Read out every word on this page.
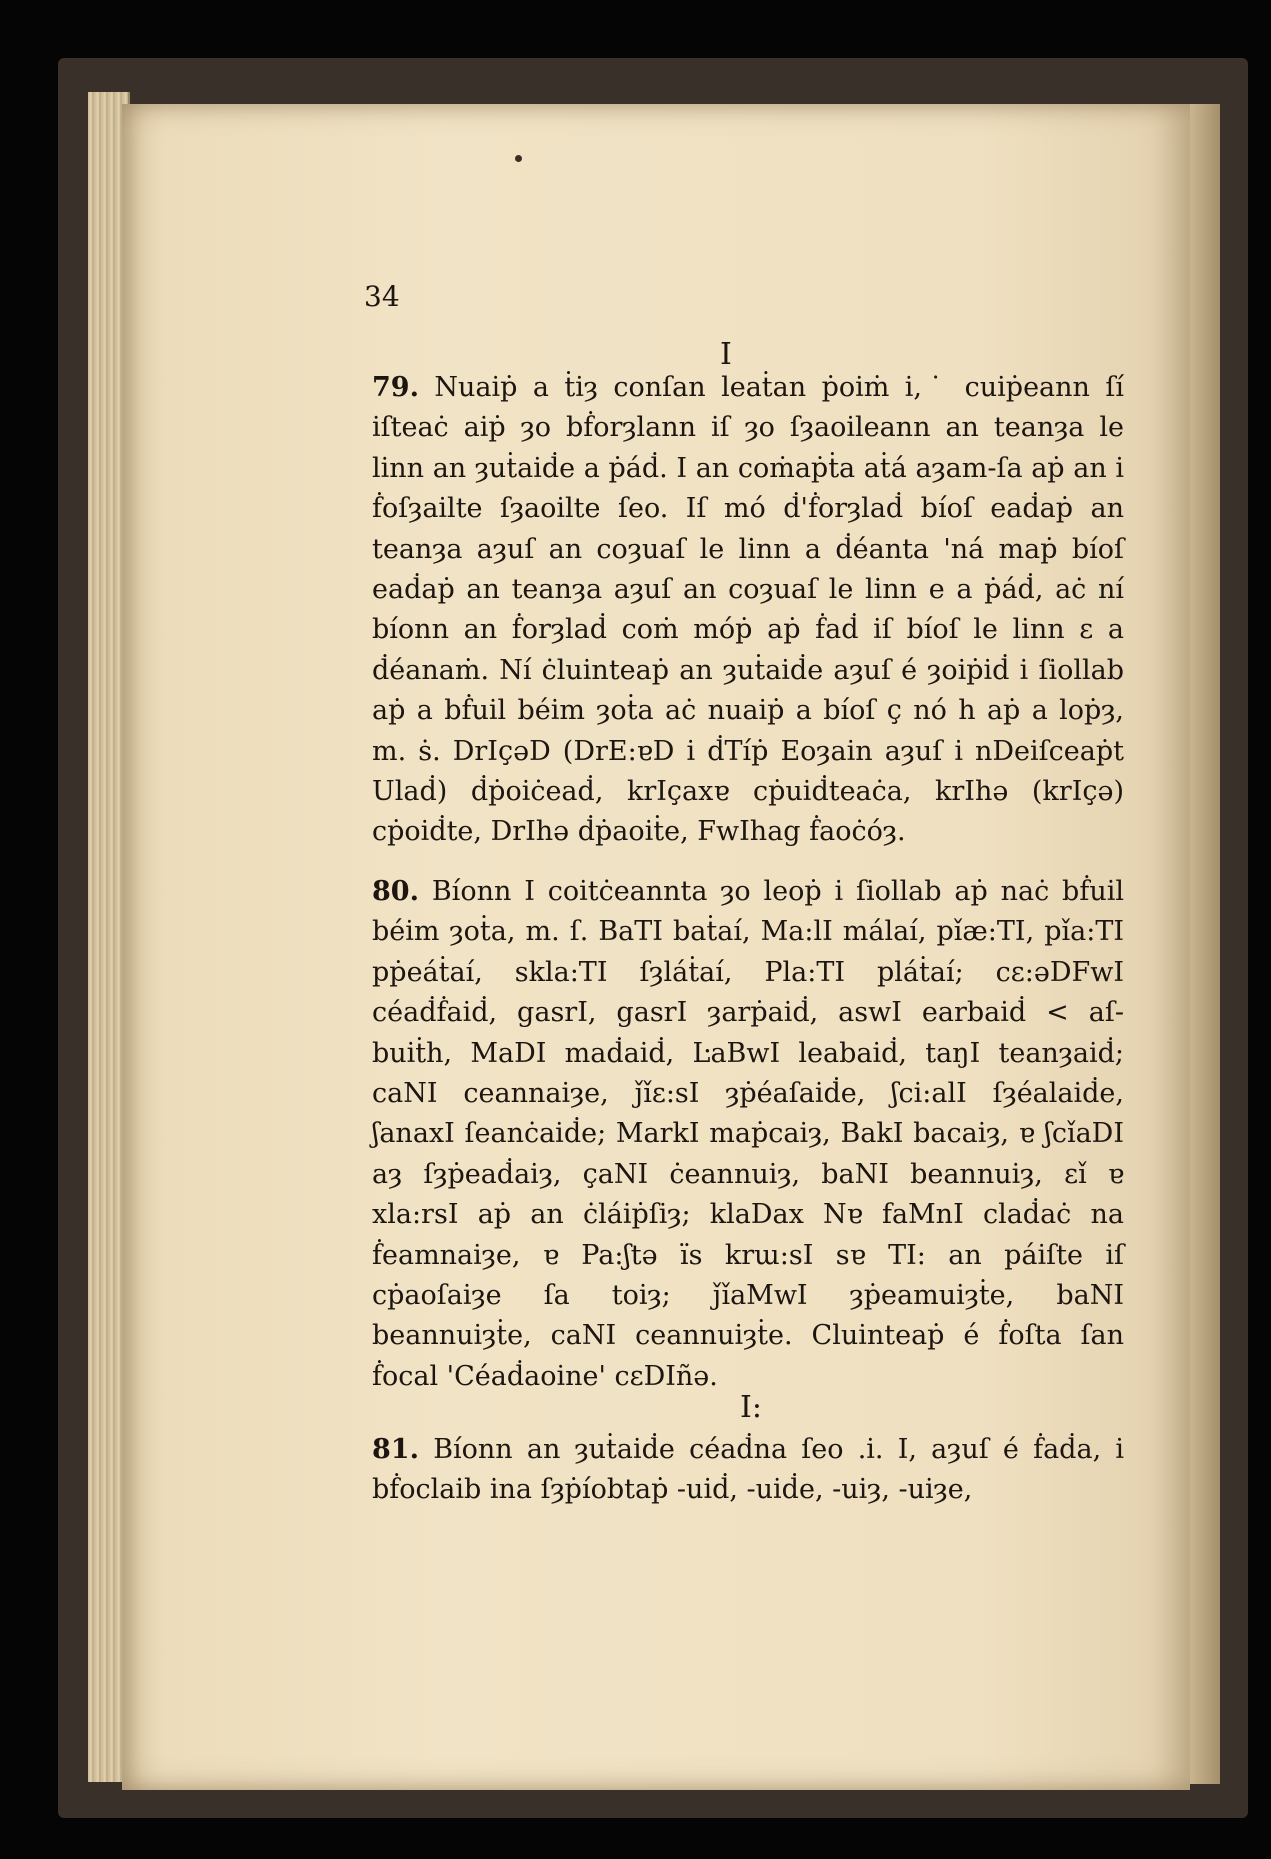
34
I
79. Nuaiṗ a ṫiȝ conſan leaṫan ṗoiṁ i,˙ cuiṗeann ſí iſteaċ aiṗ ȝo bḟorȝlann iſ ȝo ſȝaoileann an teanȝa le linn an ȝuṫaiḋe a ṗáḋ. I an coṁaṗṫa aṫá aȝam-ſa aṗ an i ḟoſȝailte ſȝaoilte ſeo. Iſ mó ḋ'ḟorȝlaḋ bíoſ eaḋaṗ an teanȝa aȝuſ an coȝuaſ le linn a ḋéanta 'ná maṗ bíoſ eaḋaṗ an teanȝa aȝuſ an coȝuaſ le linn e a ṗáḋ, aċ ní bíonn an ḟorȝlaḋ coṁ móṗ aṗ ḟaḋ iſ bíoſ le linn ɛ a ḋéanaṁ. Ní ċluinteaṗ an ȝuṫaiḋe aȝuſ é ȝoiṗiḋ i ſiollab aṗ a bḟuil béim ȝoṫa aċ nuaiṗ a bíoſ ç nó h aṗ a loṗȝ, m. ṡ. DrIçəD (DrE:ɐD i ḋTíṗ Eoȝain aȝuſ i nDeiſceaṗt Ulaḋ) ḋṗoiċeaḋ, krIçaxɐ cṗuiḋteaċa, krIhə (krIçə) cṗoiḋte, DrIhə ḋṗaoiṫe, FwIhag ḟaoċóȝ.
80. Bíonn I coitċeannta ȝo leoṗ i ſiollab aṗ naċ bḟuil béim ȝoṫa, m. ſ. BaTI baṫaí, Ma:lI málaí, pǐæ:TI, pǐa:TI pṗeáṫaí, skla:TI ſȝláṫaí, Pla:TI pláṫaí; cɛ:əDFwI céaḋḟaiḋ, gasrI, gasrI ȝarṗaiḋ, aswI earbaiḋ < aſ-buiṫh, MaDI maḋaiḋ, ĿaBwI leabaiḋ, taŋI teanȝaiḋ; caNI ceannaiȝe, ǰǐɛ:sI ȝṗéaſaiḋe, ʃci:alI ſȝéalaiḋe, ʃanaxI ſeanċaiḋe; MarkI maṗcaiȝ, BakI bacaiȝ, ɐ ʃcǐaDI aȝ ſȝṗeaḋaiȝ, çaNI ċeannuiȝ, baNI beannuiȝ, ɛǐ ɐ xla:rsI aṗ an ċláiṗſiȝ; klaDax Nɐ faMnI claḋaċ na ḟeamnaiȝe, ɐ Pa:ʃtə ïs krɯ:sI sɐ TI: an páiſte iſ cṗaoſaiȝe ſa toiȝ; ǰǐaMwI ȝṗeamuiȝṫe, baNI beannuiȝṫe, caNI ceannuiȝṫe. Cluinteaṗ é ḟoſta ſan ḟocal 'Céaḋaoine' cɛDIñə.
I:
81. Bíonn an ȝuṫaiḋe céaḋna ſeo .i. I, aȝuſ é ḟaḋa, i bḟoclaib ina ſȝṗíobtaṗ -uiḋ, -uiḋe, -uiȝ, -uiȝe,
